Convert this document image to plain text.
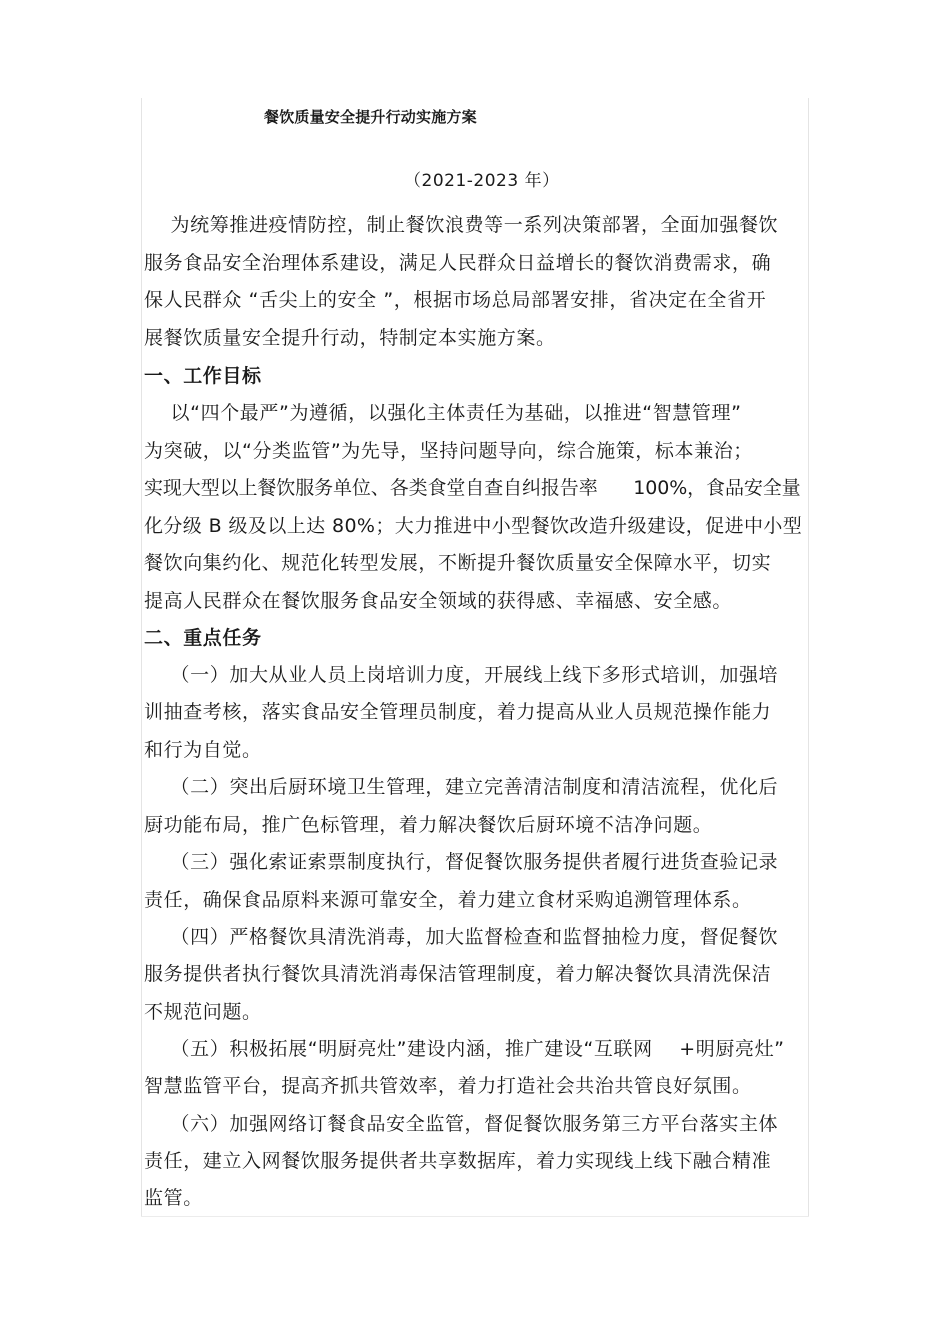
餐饮质量安全提升行动实施方案
（2021-2023 年）
为统筹推进疫情防控，制止餐饮浪费等一系列决策部署，全面加强餐饮
服务食品安全治理体系建设，满足人民群众日益增长的餐饮消费需求，确
保人民群众 “舌尖上的安全 ”，根据市场总局部署安排，省决定在全省开
展餐饮质量安全提升行动，特制定本实施方案。
一、工作目标
以“四个最严”为遵循，以强化主体责任为基础，以推进“智慧管理”
为突破，以“分类监管”为先导，坚持问题导向，综合施策，标本兼治；
实现大型以上餐饮服务单位、各类食堂自查自纠报告率      100%，食品安全量
化分级 B 级及以上达 80%；大力推进中小型餐饮改造升级建设，促进中小型
餐饮向集约化、规范化转型发展，不断提升餐饮质量安全保障水平，切实
提高人民群众在餐饮服务食品安全领域的获得感、幸福感、安全感。
二、重点任务
（一）加大从业人员上岗培训力度，开展线上线下多形式培训，加强培
训抽查考核，落实食品安全管理员制度，着力提高从业人员规范操作能力
和行为自觉。
（二）突出后厨环境卫生管理，建立完善清洁制度和清洁流程，优化后
厨功能布局，推广色标管理，着力解决餐饮后厨环境不洁净问题。
（三）强化索证索票制度执行，督促餐饮服务提供者履行进货查验记录
责任，确保食品原料来源可靠安全，着力建立食材采购追溯管理体系。
（四）严格餐饮具清洗消毒，加大监督检查和监督抽检力度，督促餐饮
服务提供者执行餐饮具清洗消毒保洁管理制度，着力解决餐饮具清洗保洁
不规范问题。
（五）积极拓展“明厨亮灶”建设内涵，推广建设“互联网    +明厨亮灶”
智慧监管平台，提高齐抓共管效率，着力打造社会共治共管良好氛围。
（六）加强网络订餐食品安全监管，督促餐饮服务第三方平台落实主体
责任，建立入网餐饮服务提供者共享数据库，着力实现线上线下融合精准
监管。
